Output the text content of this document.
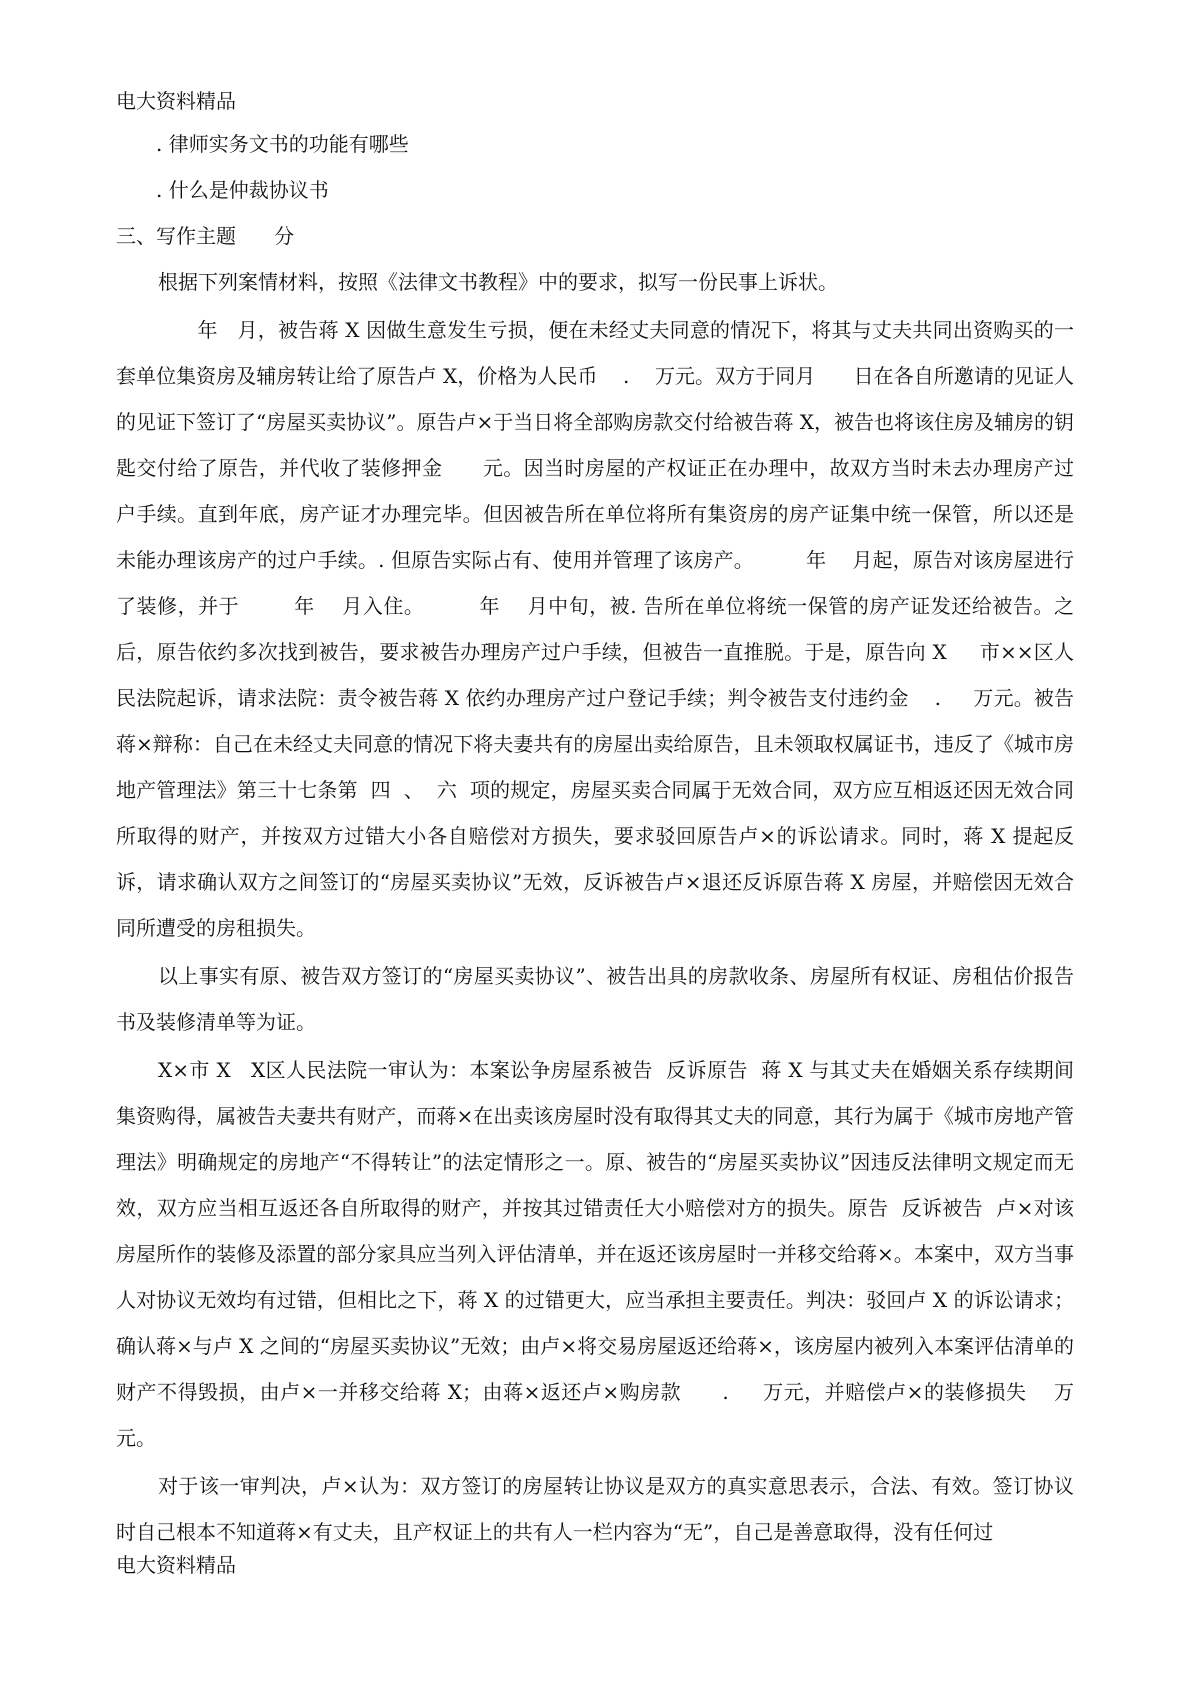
电大资料精品
. 律师实务文书的功能有哪些
. 什么是仲裁协议书
三、写作主题      分

根据下列案情材料，按照《法律文书教程》中的要求，拟写一份民事上诉状。

年   月，被告蒋 X 因做生意发生亏损，便在未经丈夫同意的情况下，将其与丈夫共同出资购买的一套单位集资房及辅房转让给了原告卢 X，价格为人民币    .    万元。双方于同月      日在各自所邀请的见证人的见证下签订了“房屋买卖协议”。原告卢×于当日将全部购房款交付给被告蒋 X，被告也将该住房及辅房的钥匙交付给了原告，并代收了装修押金      元。因当时房屋的产权证正在办理中，故双方当时未去办理房产过户手续。直到年底，房产证才办理完毕。但因被告所在单位将所有集资房的房产证集中统一保管，所以还是未能办理该房产的过户手续。. 但原告实际占有、使用并管理了该房产。        年    月起，原告对该房屋进行了装修，并于        年    月入住。        年    月中旬，被. 告所在单位将统一保管的房产证发还给被告。之后，原告依约多次找到被告，要求被告办理房产过户手续，但被告一直推脱。于是，原告向 X     市××区人民法院起诉，请求法院：责令被告蒋 X 依约办理房产过户登记手续；判令被告支付违约金    .     万元。被告蒋×辩称：自己在未经丈夫同意的情况下将夫妻共有的房屋出卖给原告，且未领取权属证书，违反了《城市房地产管理法》第三十七条第  四  、  六  项的规定，房屋买卖合同属于无效合同，双方应互相返还因无效合同所取得的财产，并按双方过错大小各自赔偿对方损失，要求驳回原告卢×的诉讼请求。同时，蒋 X 提起反诉，请求确认双方之间签订的“房屋买卖协议”无效，反诉被告卢×退还反诉原告蒋 X 房屋，并赔偿因无效合同所遭受的房租损失。

以上事实有原、被告双方签订的“房屋买卖协议”、被告出具的房款收条、房屋所有权证、房租估价报告书及装修清单等为证。

X×市 X   X区人民法院一审认为：本案讼争房屋系被告  反诉原告  蒋 X 与其丈夫在婚姻关系存续期间集资购得，属被告夫妻共有财产，而蒋×在出卖该房屋时没有取得其丈夫的同意，其行为属于《城市房地产管理法》明确规定的房地产“不得转让”的法定情形之一。原、被告的“房屋买卖协议”因违反法律明文规定而无效，双方应当相互返还各自所取得的财产，并按其过错责任大小赔偿对方的损失。原告  反诉被告  卢×对该房屋所作的装修及添置的部分家具应当列入评估清单，并在返还该房屋时一并移交给蒋×。本案中，双方当事人对协议无效均有过错，但相比之下，蒋 X 的过错更大，应当承担主要责任。判决：驳回卢 X 的诉讼请求；确认蒋×与卢 X 之间的“房屋买卖协议”无效；由卢×将交易房屋返还给蒋×，该房屋内被列入本案评估清单的财产不得毁损，由卢×一并移交给蒋 X；由蒋×返还卢×购房款      .     万元，并赔偿卢×的装修损失    万元。

对于该一审判决，卢×认为：双方签订的房屋转让协议是双方的真实意思表示，合法、有效。签订协议时自己根本不知道蒋×有丈夫，且产权证上的共有人一栏内容为“无”，自己是善意取得，没有任何过

电大资料精品
